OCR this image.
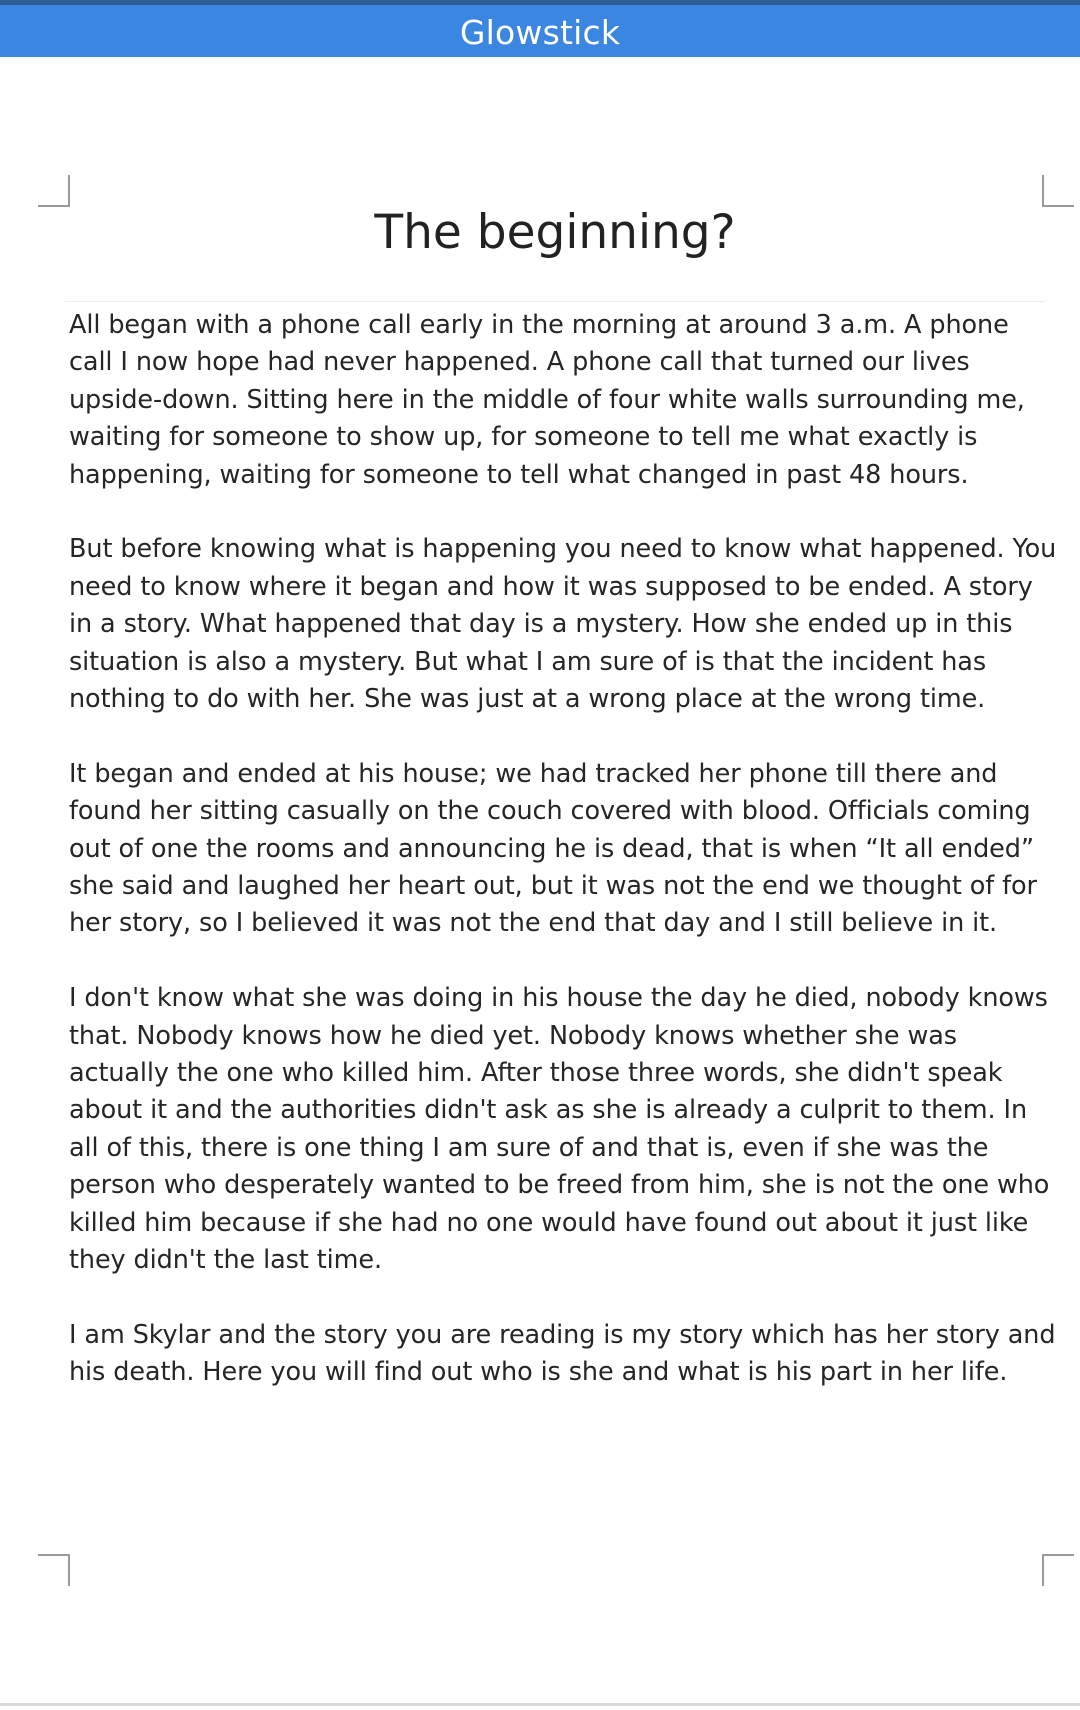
Glowstick
The beginning?

All began with a phone call early in the morning at around 3 a.m. A phone call I now hope had never happened. A phone call that turned our lives upside-down. Sitting here in the middle of four white walls surrounding me, waiting for someone to show up, for someone to tell me what exactly is happening, waiting for someone to tell what changed in past 48 hours.

But before knowing what is happening you need to know what happened. You need to know where it began and how it was supposed to be ended. A story in a story. What happened that day is a mystery. How she ended up in this situation is also a mystery. But what I am sure of is that the incident has nothing to do with her. She was just at a wrong place at the wrong time.

It began and ended at his house; we had tracked her phone till there and found her sitting casually on the couch covered with blood. Officials coming out of one the rooms and announcing he is dead, that is when “It all ended” she said and laughed her heart out, but it was not the end we thought of for her story, so I believed it was not the end that day and I still believe in it.

I don't know what she was doing in his house the day he died, nobody knows that. Nobody knows how he died yet. Nobody knows whether she was actually the one who killed him. After those three words, she didn't speak about it and the authorities didn't ask as she is already a culprit to them. In all of this, there is one thing I am sure of and that is, even if she was the person who desperately wanted to be freed from him, she is not the one who killed him because if she had no one would have found out about it just like they didn't the last time.

I am Skylar and the story you are reading is my story which has her story and his death. Here you will find out who is she and what is his part in her life.
